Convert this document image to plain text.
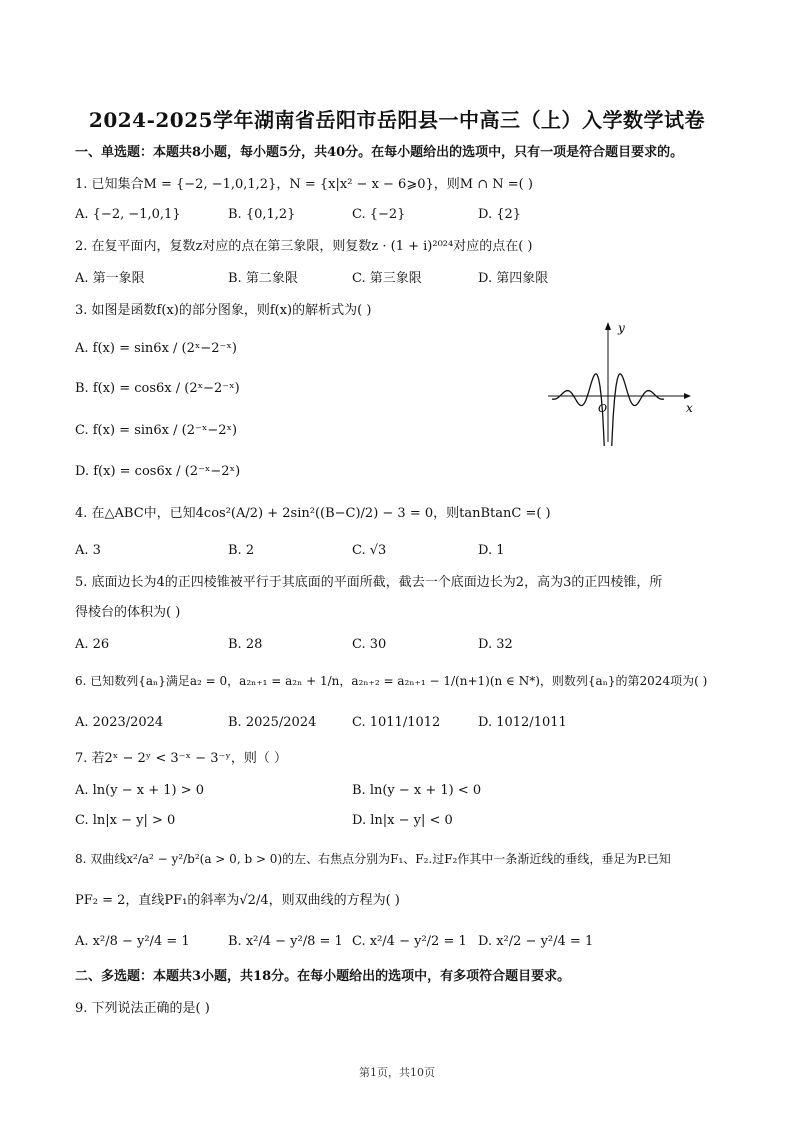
2024-2025学年湖南省岳阳市岳阳县一中高三（上）入学数学试卷
一、单选题：本题共8小题，每小题5分，共40分。在每小题给出的选项中，只有一项是符合题目要求的。
1. 已知集合M = {−2, −1,0,1,2}，N = {x|x² − x − 6⩾0}，则M ∩ N =( )
A. {−2, −1,0,1}	B. {0,1,2}	C. {−2}	D. {2}
2. 在复平面内，复数z对应的点在第三象限，则复数z · (1 + i)²⁰²⁴对应的点在( )
A. 第一象限	B. 第二象限	C. 第三象限	D. 第四象限
3. 如图是函数f(x)的部分图象，则f(x)的解析式为( )
A. f(x) = sin6x / (2ˣ−2⁻ˣ)
B. f(x) = cos6x / (2ˣ−2⁻ˣ)
C. f(x) = sin6x / (2⁻ˣ−2ˣ)
D. f(x) = cos6x / (2⁻ˣ−2ˣ)
y
x
O
4. 在△ABC中，已知4cos²(A/2) + 2sin²((B−C)/2) − 3 = 0，则tanBtanC =( )
A. 3	B. 2	C. √3	D. 1
5. 底面边长为4的正四棱锥被平行于其底面的平面所截，截去一个底面边长为2，高为3的正四棱锥，所
得棱台的体积为( )
A. 26	B. 28	C. 30	D. 32
6. 已知数列{aₙ}满足a₂ = 0，a₂ₙ₊₁ = a₂ₙ + 1/n，a₂ₙ₊₂ = a₂ₙ₊₁ − 1/(n+1)(n ∈ N*)，则数列{aₙ}的第2024项为( )
A. 2023/2024	B. 2025/2024	C. 1011/1012	D. 1012/1011
7. 若2ˣ − 2ʸ < 3⁻ˣ − 3⁻ʸ，则（ ）
A. ln(y − x + 1) > 0	B. ln(y − x + 1) < 0
C. ln|x − y| > 0	D. ln|x − y| < 0
8. 双曲线x²/a² − y²/b²(a > 0, b > 0)的左、右焦点分别为F₁、F₂.过F₂作其中一条渐近线的垂线，垂足为P.已知
PF₂ = 2，直线PF₁的斜率为√2/4，则双曲线的方程为( )
A. x²/8 − y²/4 = 1	B. x²/4 − y²/8 = 1 C. x²/4 − y²/2 = 1 D. x²/2 − y²/4 = 1
二、多选题：本题共3小题，共18分。在每小题给出的选项中，有多项符合题目要求。
9. 下列说法正确的是( )
第1页，共10页
